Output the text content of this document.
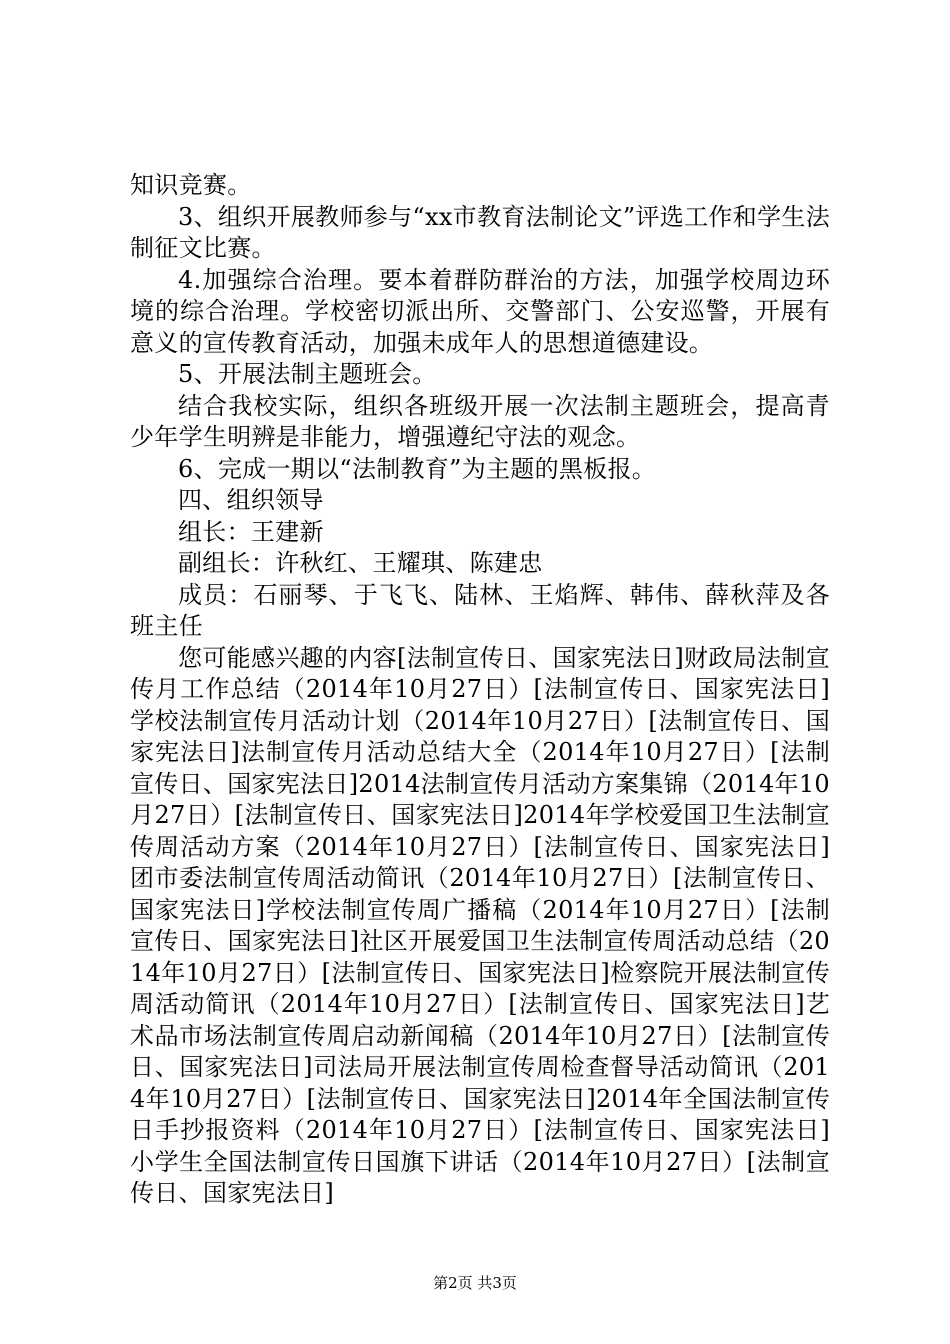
知识竞赛。

3、组织开展教师参与“xx市教育法制论文”评选工作和学生法制征文比赛。

4.加强综合治理。要本着群防群治的方法，加强学校周边环境的综合治理。学校密切派出所、交警部门、公安巡警，开展有意义的宣传教育活动，加强未成年人的思想道德建设。

5、开展法制主题班会。

结合我校实际，组织各班级开展一次法制主题班会，提高青少年学生明辨是非能力，增强遵纪守法的观念。

6、完成一期以“法制教育”为主题的黑板报。

四、组织领导

组长：王建新

副组长：许秋红、王耀琪、陈建忠

成员：石丽琴、于飞飞、陆林、王焰辉、韩伟、薛秋萍及各班主任

您可能感兴趣的内容[法制宣传日、国家宪法日]财政局法制宣传月工作总结（2014年10月27日）[法制宣传日、国家宪法日]学校法制宣传月活动计划（2014年10月27日）[法制宣传日、国家宪法日]法制宣传月活动总结大全（2014年10月27日）[法制宣传日、国家宪法日]2014法制宣传月活动方案集锦（2014年10月27日）[法制宣传日、国家宪法日]2014年学校爱国卫生法制宣传周活动方案（2014年10月27日）[法制宣传日、国家宪法日]团市委法制宣传周活动简讯（2014年10月27日）[法制宣传日、国家宪法日]学校法制宣传周广播稿（2014年10月27日）[法制宣传日、国家宪法日]社区开展爱国卫生法制宣传周活动总结（2014年10月27日）[法制宣传日、国家宪法日]检察院开展法制宣传周活动简讯（2014年10月27日）[法制宣传日、国家宪法日]艺术品市场法制宣传周启动新闻稿（2014年10月27日）[法制宣传日、国家宪法日]司法局开展法制宣传周检查督导活动简讯（2014年10月27日）[法制宣传日、国家宪法日]2014年全国法制宣传日手抄报资料（2014年10月27日）[法制宣传日、国家宪法日]小学生全国法制宣传日国旗下讲话（2014年10月27日）[法制宣传日、国家宪法日]

第2页 共3页
